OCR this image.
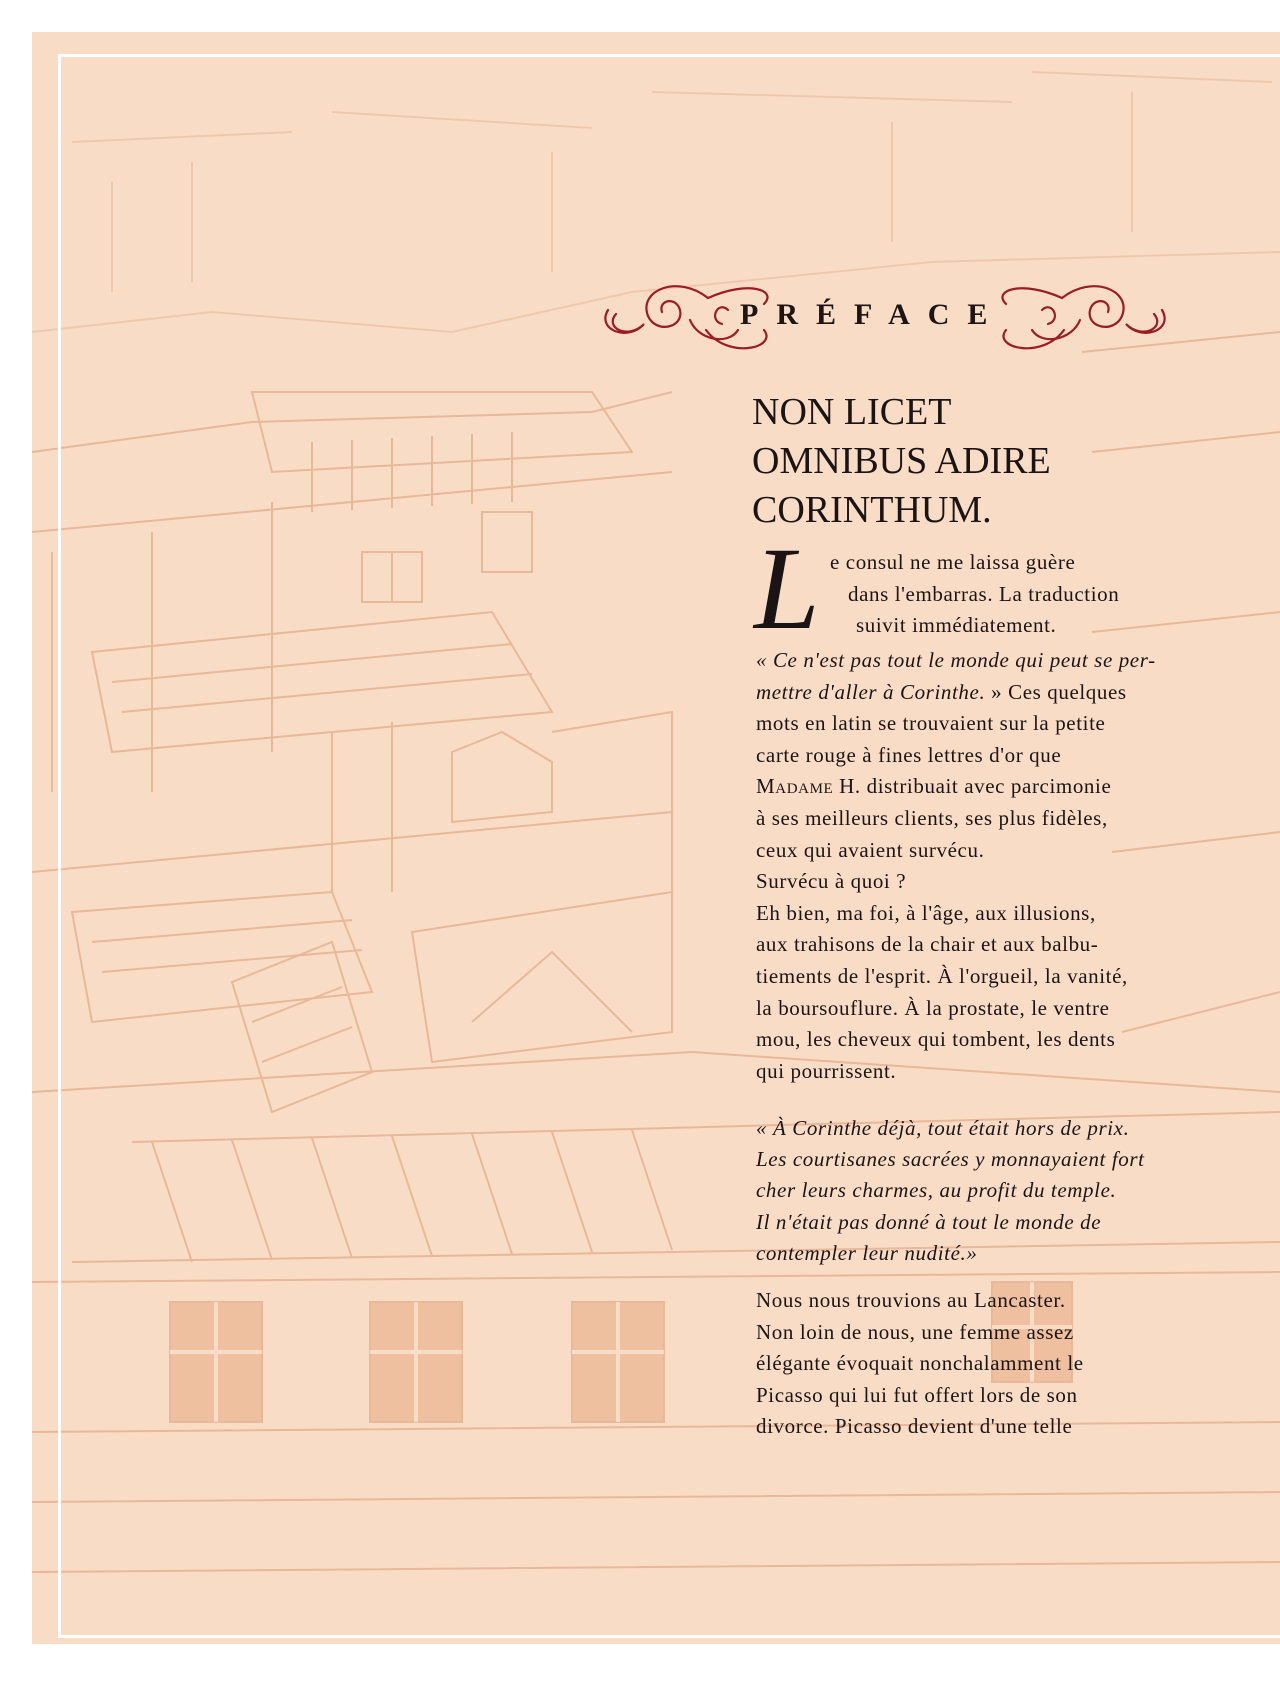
PRÉFACE
NON LICET
OMNIBUS ADIRE
CORINTHUM.
L e consul ne me laissa guère
dans l'embarras. La traduction
suivit immédiatement.
« Ce n'est pas tout le monde qui peut se per-
mettre d'aller à Corinthe. » Ces quelques
mots en latin se trouvaient sur la petite
carte rouge à fines lettres d'or que
Madame H. distribuait avec parcimonie
à ses meilleurs clients, ses plus fidèles,
ceux qui avaient survécu.
Survécu à quoi ?
Eh bien, ma foi, à l'âge, aux illusions,
aux trahisons de la chair et aux balbu-
tiements de l'esprit. À l'orgueil, la vanité,
la boursouflure. À la prostate, le ventre
mou, les cheveux qui tombent, les dents
qui pourrissent.
« À Corinthe déjà, tout était hors de prix.
Les courtisanes sacrées y monnayaient fort
cher leurs charmes, au profit du temple.
Il n'était pas donné à tout le monde de
contempler leur nudité.»
Nous nous trouvions au Lancaster.
Non loin de nous, une femme assez
élégante évoquait nonchalamment le
Picasso qui lui fut offert lors de son
divorce. Picasso devient d'une telle
